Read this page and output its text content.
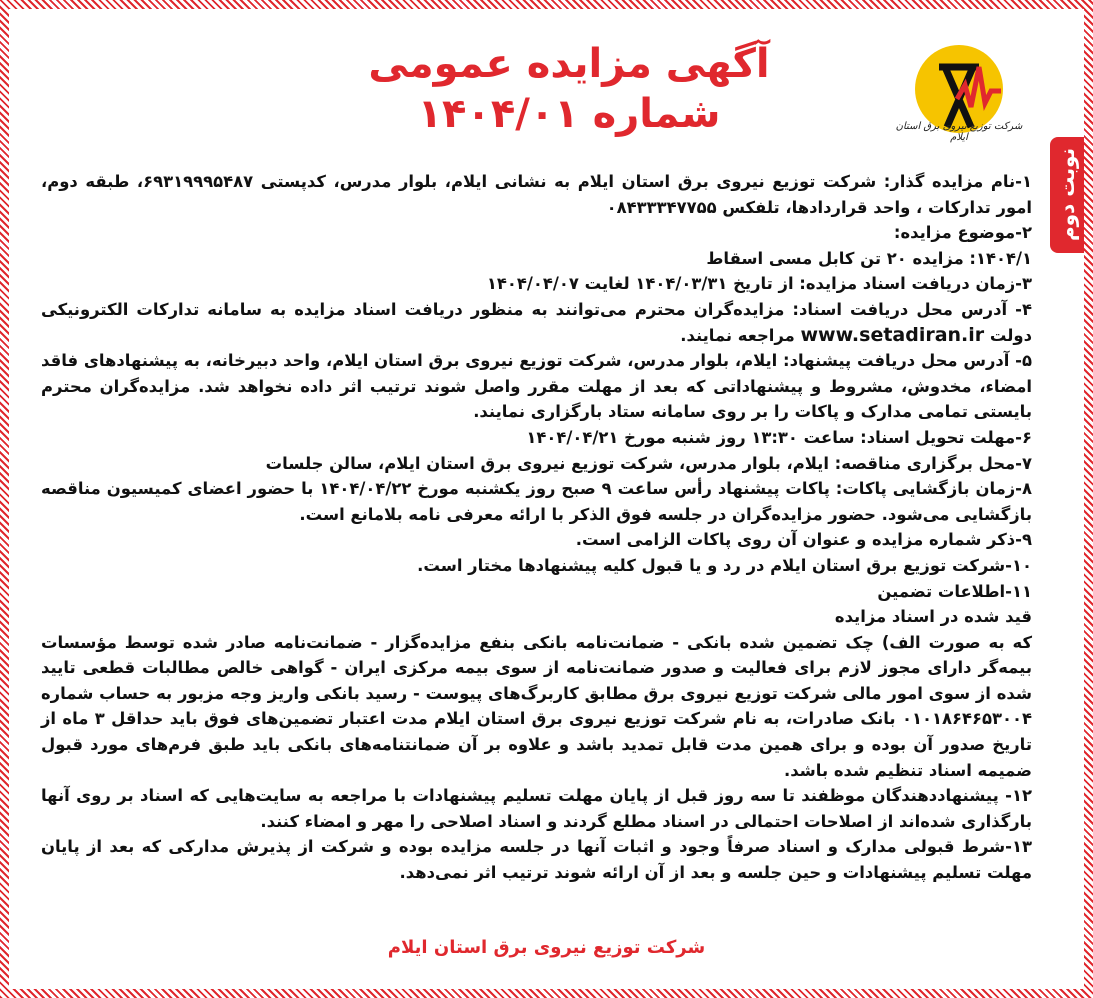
نوبت دوم
شرکت توزیع نیروی برق استان ایلام
آگهی مزایده عمومی
شماره ۱۴۰۴/۰۱

۱-نام مزایده گذار: شرکت توزیع نیروی برق استان ایلام به نشانی ایلام، بلوار مدرس، کدپستی ۶۹۳۱۹۹۹۵۴۸۷، طبقه دوم، امور تدارکات ، واحد قراردادها، تلفکس ۰۸۴۳۳۳۴۷۷۵۵

۲-موضوع مزایده:

۱۴۰۴/۱: مزایده ۲۰ تن کابل مسی اسقاط

۳-زمان دریافت اسناد مزایده: از تاریخ ۱۴۰۴/۰۳/۳۱ لغایت ۱۴۰۴/۰۴/۰۷

۴- آدرس محل دریافت اسناد: مزایده‌گران محترم می‌توانند به منظور دریافت اسناد مزایده به سامانه تدارکات الکترونیکی دولت www.setadiran.ir مراجعه نمایند.

۵- آدرس محل دریافت پیشنهاد: ایلام، بلوار مدرس، شرکت توزیع نیروی برق استان ایلام، واحد دبیرخانه، به پیشنهادهای فاقد امضاء، مخدوش، مشروط و پیشنهاداتی که بعد از مهلت مقرر واصل شوند ترتیب اثر داده نخواهد شد. مزایده‌گران محترم بایستی تمامی مدارک و پاکات را بر روی سامانه ستاد بارگزاری نمایند.

۶-مهلت تحویل اسناد: ساعت ۱۳:۳۰ روز شنبه مورخ ۱۴۰۴/۰۴/۲۱

۷-محل برگزاری مناقصه: ایلام، بلوار مدرس، شرکت توزیع نیروی برق استان ایلام، سالن جلسات

۸-زمان بازگشایی پاکات: پاکات پیشنهاد رأس ساعت ۹ صبح روز یکشنبه مورخ ۱۴۰۴/۰۴/۲۲ با حضور اعضای کمیسیون مناقصه بازگشایی می‌شود. حضور مزایده‌گران در جلسه فوق الذکر با ارائه معرفی نامه بلامانع است.

۹-ذکر شماره مزایده و عنوان آن روی پاکات الزامی است.

۱۰-شرکت توزیع برق استان ایلام در رد و یا قبول کلیه پیشنهادها مختار است.

۱۱-اطلاعات تضمین

قید شده در اسناد مزایده

که به صورت الف) چک تضمین شده بانکی - ضمانت‌نامه بانکی بنفع مزایده‌گزار - ضمانت‌نامه صادر شده توسط مؤسسات بیمه‌گر دارای مجوز لازم برای فعالیت و صدور ضمانت‌نامه از سوی بیمه مرکزی ایران - گواهی خالص مطالبات قطعی تایید شده از سوی امور مالی شرکت توزیع نیروی برق مطابق کاربرگ‌های پیوست - رسید بانکی واریز وجه مزبور به حساب شماره ۰۱۰۱۸۶۴۶۵۳۰۰۴ بانک صادرات، به نام شرکت توزیع نیروی برق استان ایلام مدت اعتبار تضمین‌های فوق باید حداقل ۳ ماه از تاریخ صدور آن بوده و برای همین مدت قابل تمدید باشد و علاوه بر آن ضمانتنامه‌های بانکی باید طبق فرم‌های مورد قبول ضمیمه اسناد تنظیم شده باشد.

۱۲- پیشنهاددهندگان موظفند تا سه روز قبل از پایان مهلت تسلیم پیشنهادات با مراجعه به سایت‌هایی که اسناد بر روی آنها بارگذاری شده‌اند از اصلاحات احتمالی در اسناد مطلع گردند و اسناد اصلاحی را مهر و امضاء کنند.

۱۳-شرط قبولی مدارک و اسناد صرفاً وجود و اثبات آنها در جلسه مزایده بوده و شرکت از پذیرش مدارکی که بعد از پایان مهلت تسلیم پیشنهادات و حین جلسه و بعد از آن ارائه شوند ترتیب اثر نمی‌دهد.

شرکت توزیع نیروی برق استان ایلام
